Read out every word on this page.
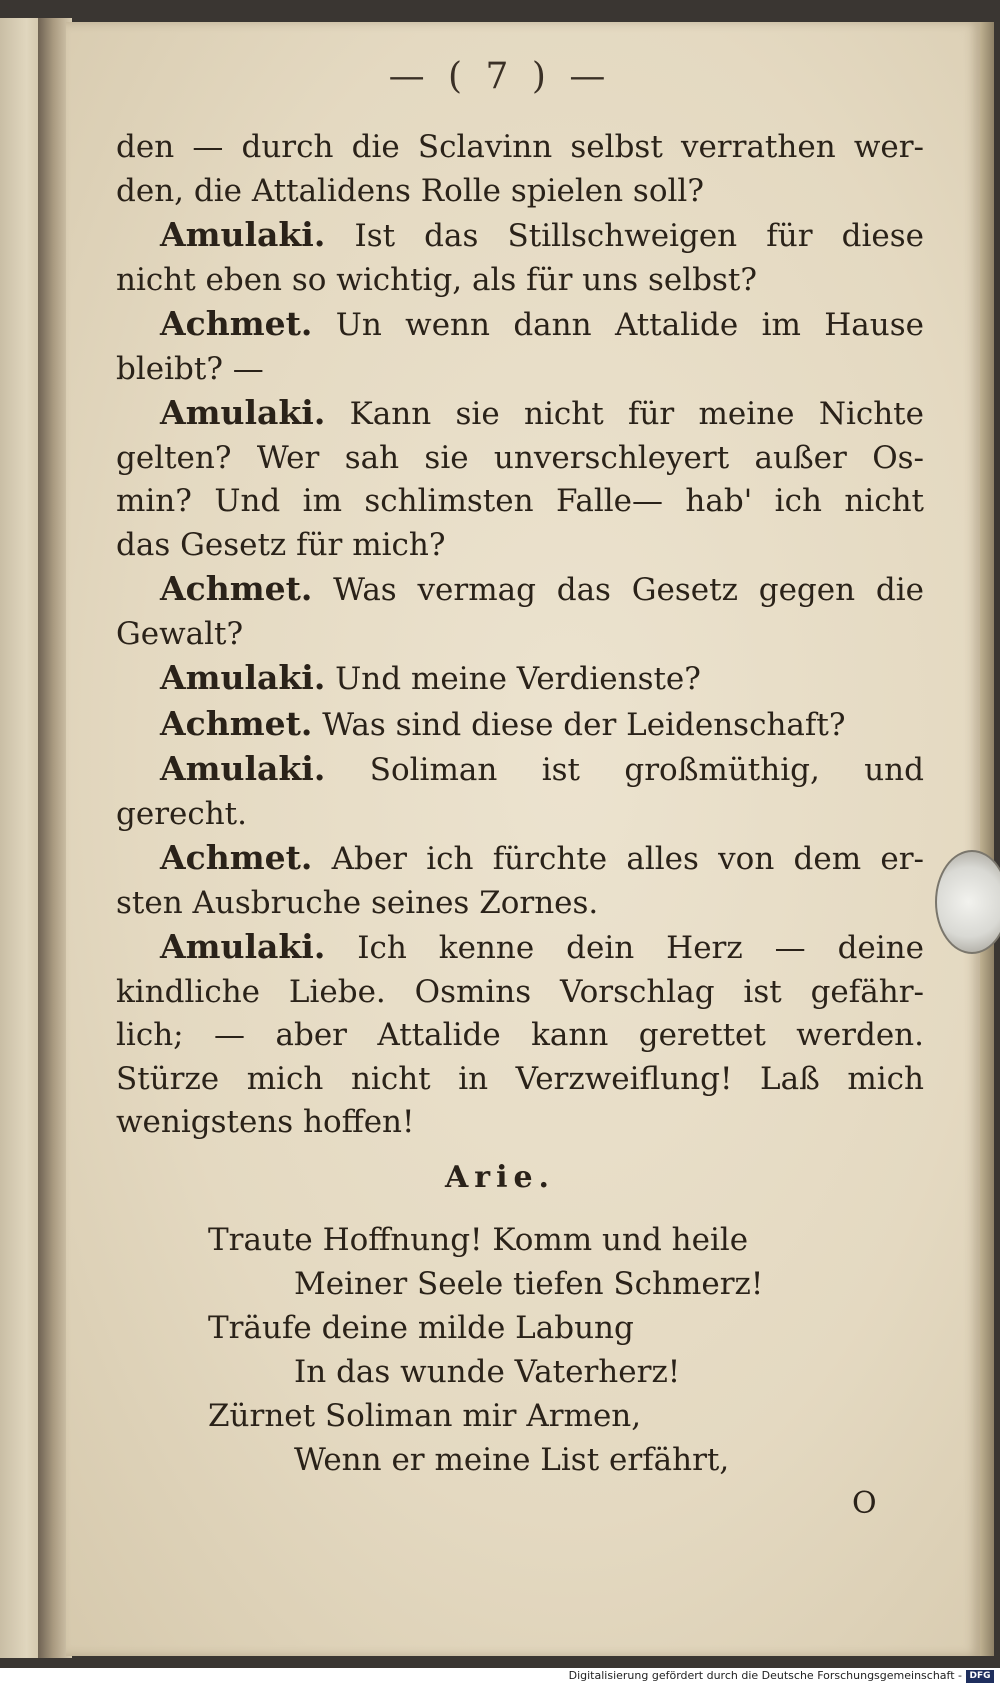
— ( 7 ) —
den — durch die Sclavinn selbst verrathen wer-
den, die Attalidens Rolle spielen soll?
Amulaki. Ist das Stillschweigen für diese
nicht eben so wichtig, als für uns selbst?
Achmet. Un wenn dann Attalide im Hause
bleibt? —
Amulaki. Kann sie nicht für meine Nichte
gelten? Wer sah sie unverschleyert außer Os-
min? Und im schlimsten Falle— hab' ich nicht
das Gesetz für mich?
Achmet. Was vermag das Gesetz gegen die
Gewalt?
Amulaki. Und meine Verdienste?
Achmet. Was sind diese der Leidenschaft?
Amulaki. Soliman ist großmüthig, und
gerecht.
Achmet. Aber ich fürchte alles von dem er-
sten Ausbruche seines Zornes.
Amulaki. Ich kenne dein Herz — deine
kindliche Liebe. Osmins Vorschlag ist gefähr-
lich; — aber Attalide kann gerettet werden.
Stürze mich nicht in Verzweiflung! Laß mich
wenigstens hoffen!
Arie.
Traute Hoffnung! Komm und heile
Meiner Seele tiefen Schmerz!
Träufe deine milde Labung
In das wunde Vaterherz!
Zürnet Soliman mir Armen,
Wenn er meine List erfährt,
O
Digitalisierung gefördert durch die Deutsche Forschungsgemeinschaft - DFG
